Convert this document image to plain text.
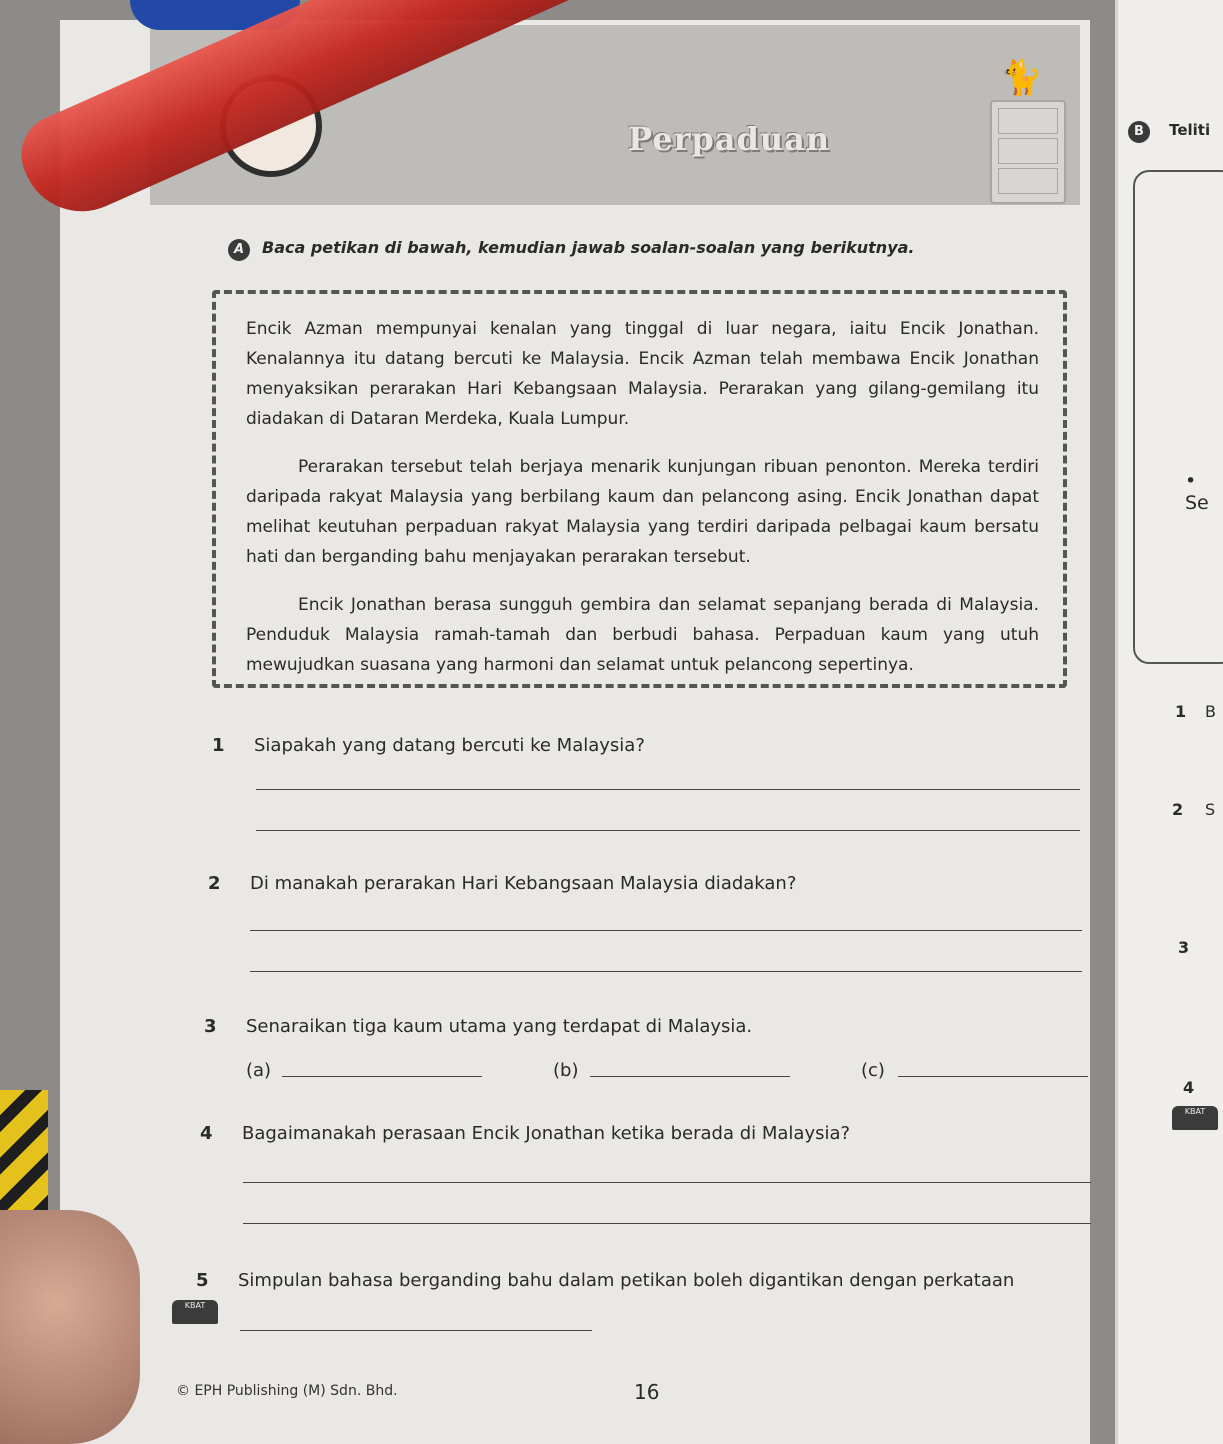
🐈
Perpaduan	B Teliti
• Se
1 B
2 S
3
4
KBAT
A Baca petikan di bawah, kemudian jawab soalan-soalan yang berikutnya.

Encik Azman mempunyai kenalan yang tinggal di luar negara, iaitu Encik Jonathan. Kenalannya itu datang bercuti ke Malaysia. Encik Azman telah membawa Encik Jonathan menyaksikan perarakan Hari Kebangsaan Malaysia. Perarakan yang gilang-gemilang itu diadakan di Dataran Merdeka, Kuala Lumpur.

Perarakan tersebut telah berjaya menarik kunjungan ribuan penonton. Mereka terdiri daripada rakyat Malaysia yang berbilang kaum dan pelancong asing. Encik Jonathan dapat melihat keutuhan perpaduan rakyat Malaysia yang terdiri daripada pelbagai kaum bersatu hati dan berganding bahu menjayakan perarakan tersebut.

Encik Jonathan berasa sungguh gembira dan selamat sepanjang berada di Malaysia. Penduduk Malaysia ramah-tamah dan berbudi bahasa. Perpaduan kaum yang utuh mewujudkan suasana yang harmoni dan selamat untuk pelancong sepertinya.

1 Siapakah yang datang bercuti ke Malaysia?
2 Di manakah perarakan Hari Kebangsaan Malaysia diadakan?
3 Senaraikan tiga kaum utama yang terdapat di Malaysia.
(a)	(b)	(c)
4 Bagaimanakah perasaan Encik Jonathan ketika berada di Malaysia?
5 Simpulan bahasa berganding bahu dalam petikan boleh digantikan dengan perkataan
KBAT
© EPH Publishing (M) Sdn. Bhd.	16
